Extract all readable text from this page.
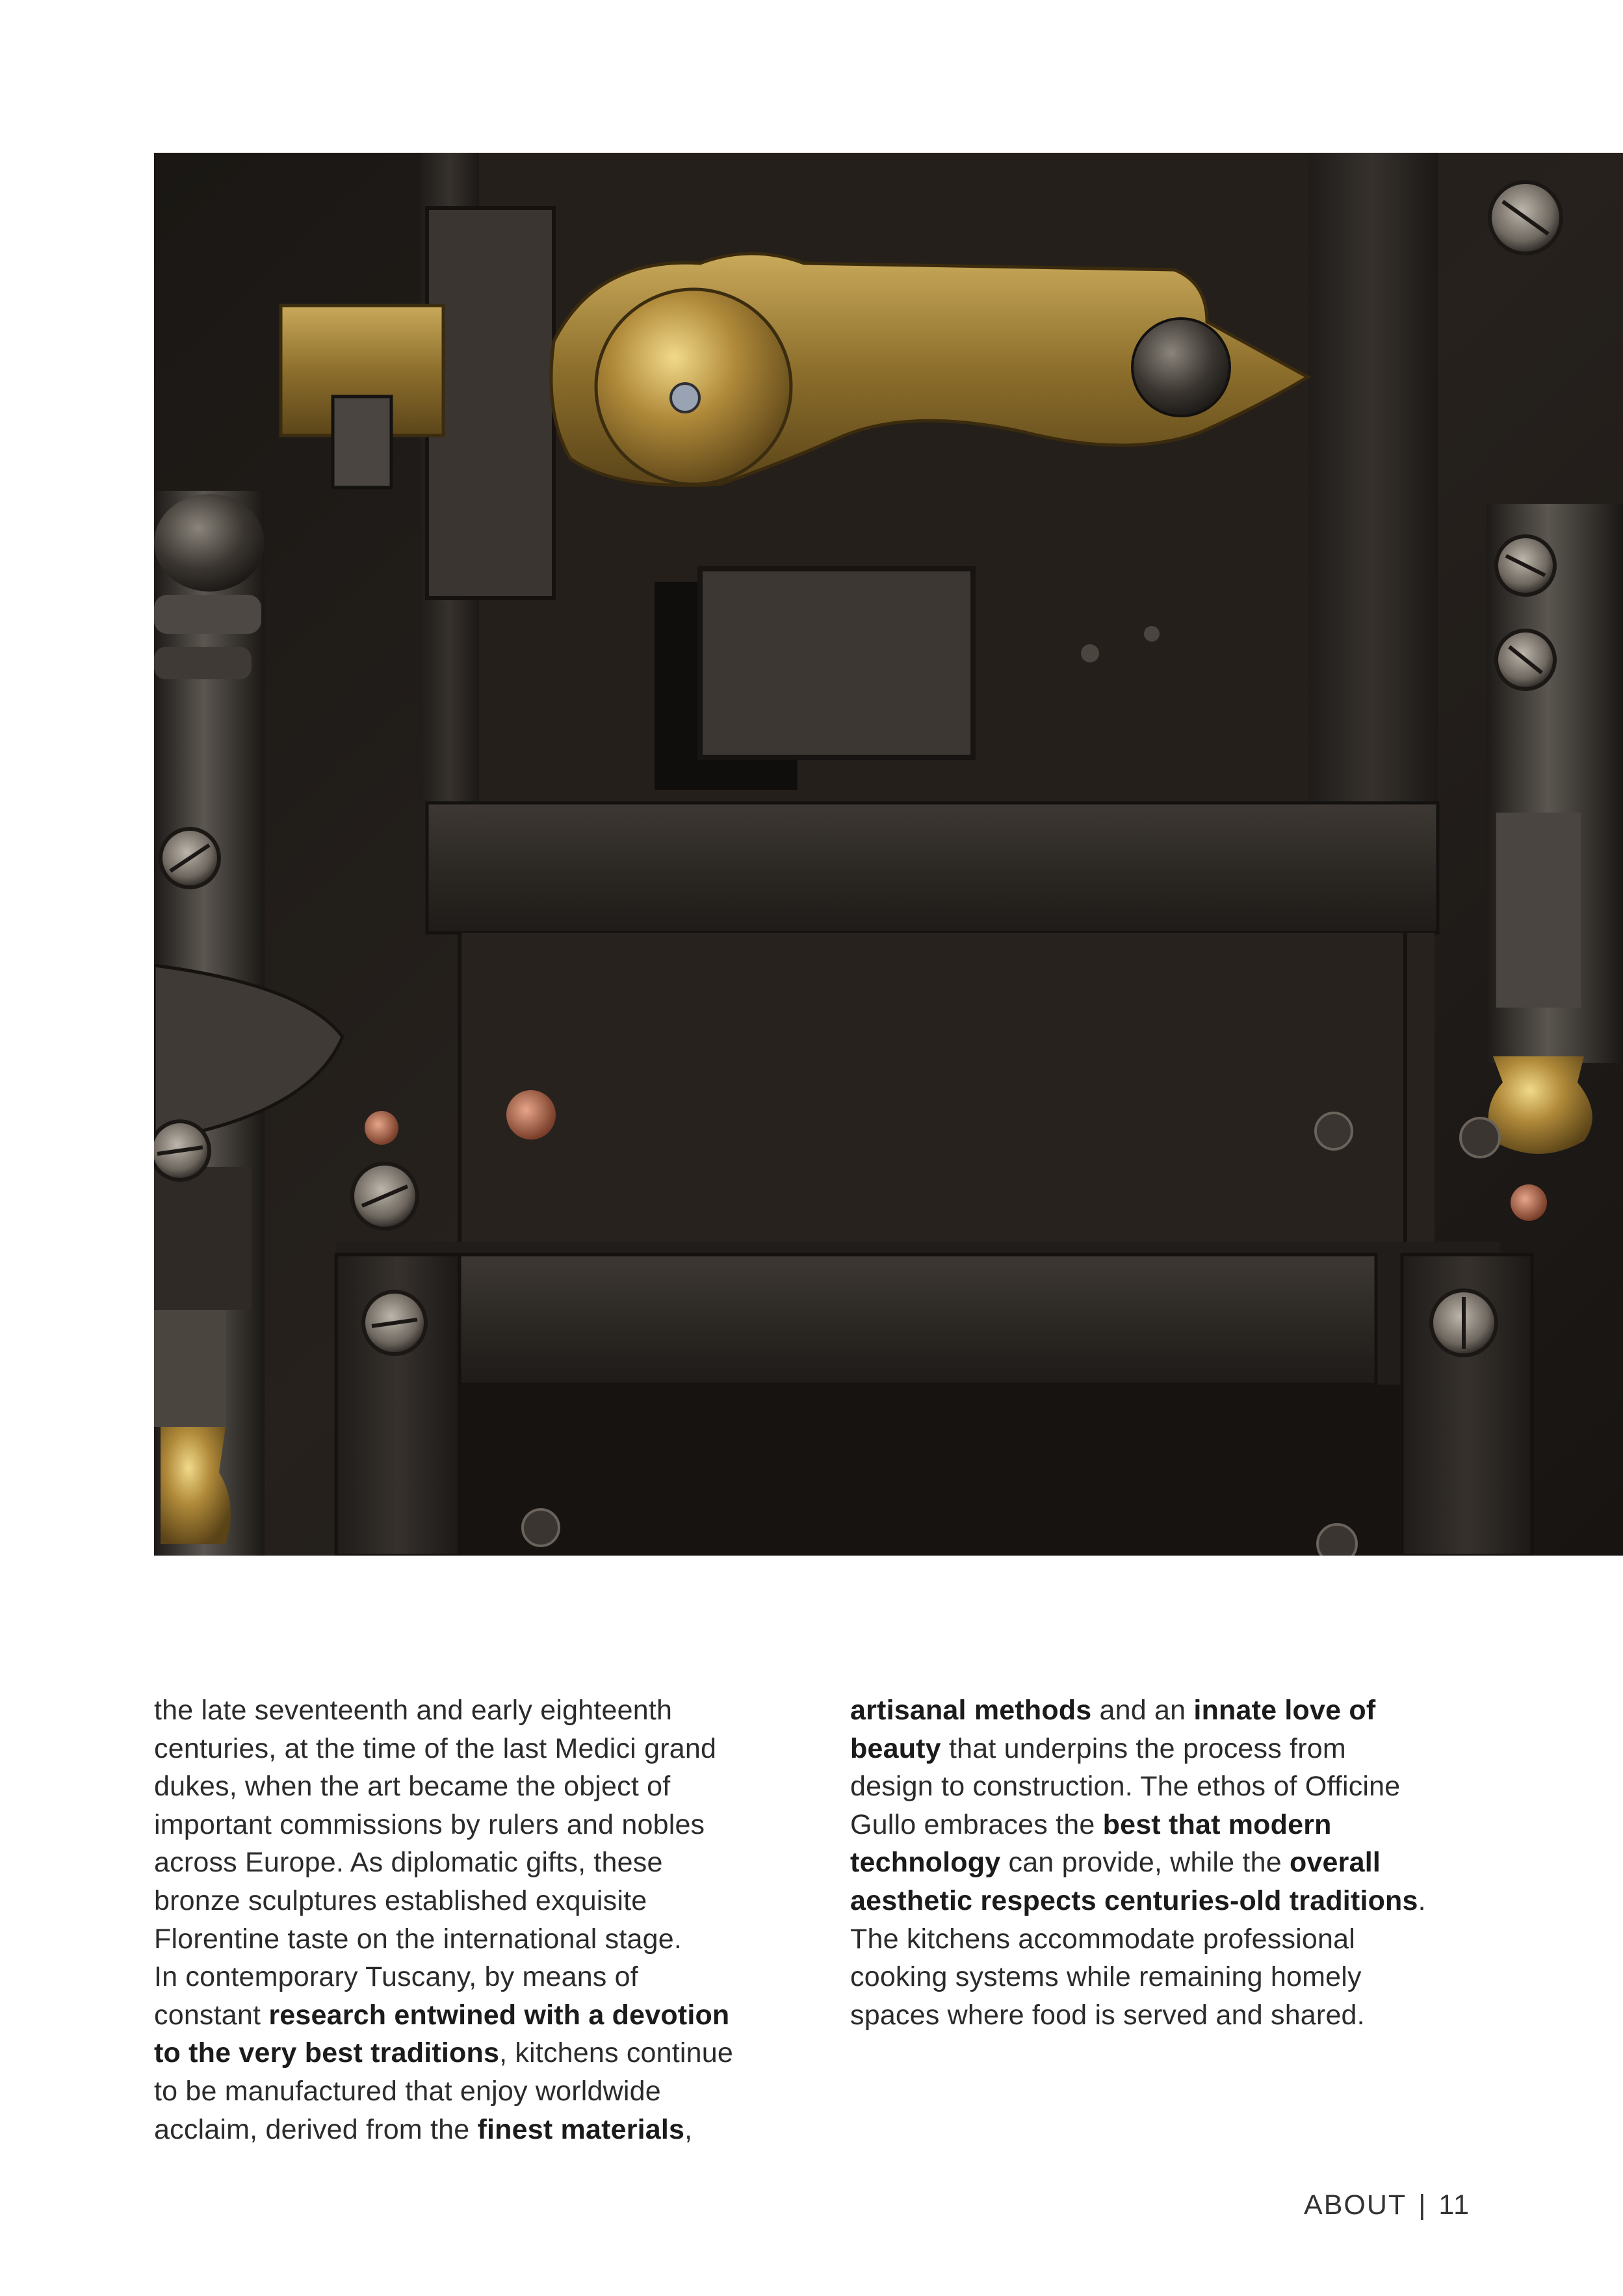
the late seventeenth and early eighteenth
centuries, at the time of the last Medici grand
dukes, when the art became the object of
important commissions by rulers and nobles
across Europe. As diplomatic gifts, these
bronze sculptures established exquisite
Florentine taste on the international stage.
In contemporary Tuscany, by means of
constant research entwined with a devotion
to the very best traditions, kitchens continue
to be manufactured that enjoy worldwide
acclaim, derived from the finest materials,
artisanal methods and an innate love of
beauty that underpins the process from
design to construction. The ethos of Officine
Gullo embraces the best that modern
technology can provide, while the overall
aesthetic respects centuries-old traditions.
The kitchens accommodate professional
cooking systems while remaining homely
spaces where food is served and shared.
ABOUT | 11
